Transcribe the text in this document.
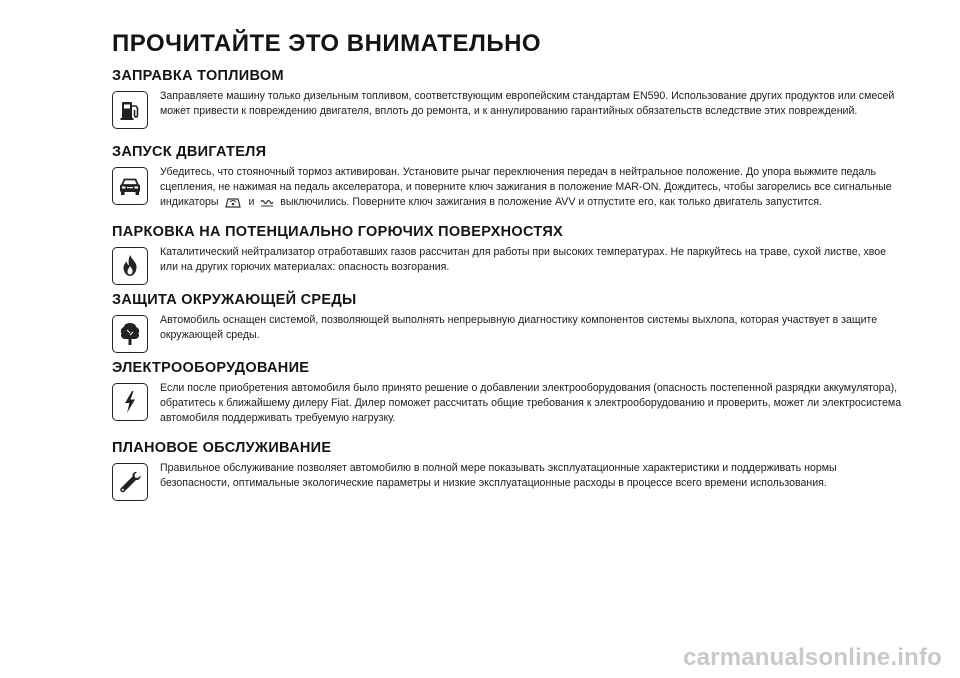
ПРОЧИТАЙТЕ ЭТО ВНИМАТЕЛЬНО
ЗАПРАВКА ТОПЛИВОМ
Заправляете машину только дизельным топливом, соответствующим европейским стандартам EN590. Использование других продуктов или смесей может привести к повреждению двигателя, вплоть до ремонта, и к аннулированию гарантийных обязательств вследствие этих повреждений.
ЗАПУСК ДВИГАТЕЛЯ
Убедитесь, что стояночный тормоз активирован. Установите рычаг переключения передач в нейтральное положение. До упора выжмите педаль сцепления, не нажимая на педаль акселератора, и поверните ключ зажигания в положение MAR-ON. Дождитесь, чтобы загорелись все сигнальные индикаторы	и выключились. Поверните ключ зажигания в положение AVV и отпустите его, как только двигатель запустится.
ПАРКОВКА НА ПОТЕНЦИАЛЬНО ГОРЮЧИХ ПОВЕРХНОСТЯХ
Каталитический нейтрализатор отработавших газов рассчитан для работы при высоких температурах. Не паркуйтесь на траве, сухой листве, хвое или на других горючих материалах: опасность возгорания.
ЗАЩИТА ОКРУЖАЮЩЕЙ СРЕДЫ
Автомобиль оснащен системой, позволяющей выполнять непрерывную диагностику компонентов системы выхлопа, которая участвует в защите окружающей среды.
ЭЛЕКТРООБОРУДОВАНИЕ
Если после приобретения автомобиля было принято решение о добавлении электрооборудования (опасность постепенной разрядки аккумулятора), обратитесь к ближайшему дилеру Fiat. Дилер поможет рассчитать общие требования к электрооборудованию и проверить, может ли электросистема автомобиля поддерживать требуемую нагрузку.
ПЛАНОВОЕ ОБСЛУЖИВАНИЕ
Правильное обслуживание позволяет автомобилю в полной мере показывать эксплуатационные характеристики и поддерживать нормы безопасности, оптимальные экологические параметры и низкие эксплуатационные расходы в процессе всего времени использования.
carmanualsonline.info
